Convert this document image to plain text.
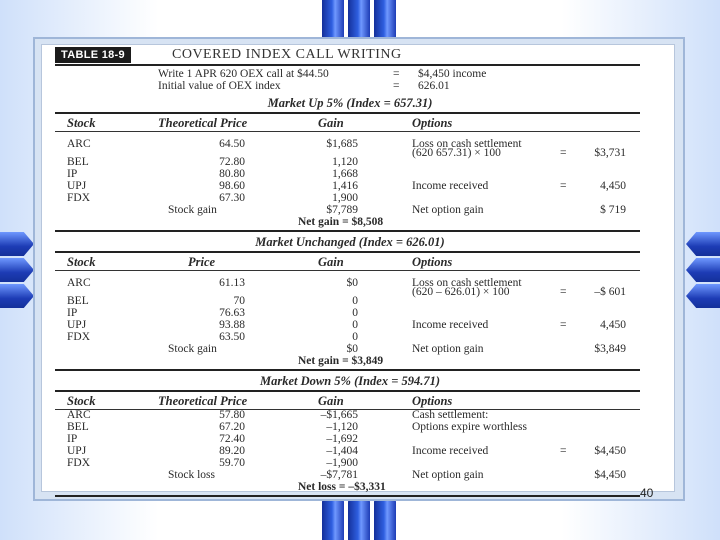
TABLE 18-9	COVERED INDEX CALL WRITING
Write 1 APR 620 OEX call at $44.50	= $4,450 income
Initial value of OEX index	= 626.01
Market Up 5% (Index = 657.31)
Stock	Theoretical Price	Gain	Options
ARC	64.50	$1,685	Loss on cash settlement
(620 657.31) × 100	=	$3,731
BEL	72.80	1,120
IP	80.80	1,668
UPJ	98.60	1,416	Income received	=	4,450
FDX	67.30	1,900
Stock gain	$7,789	Net option gain	$ 719
Net gain = $8,508
Market Unchanged (Index = 626.01)
Stock	Price	Gain	Options
ARC	61.13	$0	Loss on cash settlement
(620 – 626.01) × 100	=	–$ 601
BEL	70	0
IP	76.63	0
UPJ	93.88	0	Income received	=	4,450
FDX	63.50	0
Stock gain	$0	Net option gain	$3,849
Net gain = $3,849
Market Down 5% (Index = 594.71)
Stock	Theoretical Price	Gain	Options
ARC	57.80	–$1,665	Cash settlement:
BEL	67.20	–1,120	Options expire worthless
IP	72.40	–1,692
UPJ	89.20	–1,404	Income received	=	$4,450
FDX	59.70	–1,900
Stock loss	–$7,781	Net option gain	$4,450
Net loss = –$3,331	40
